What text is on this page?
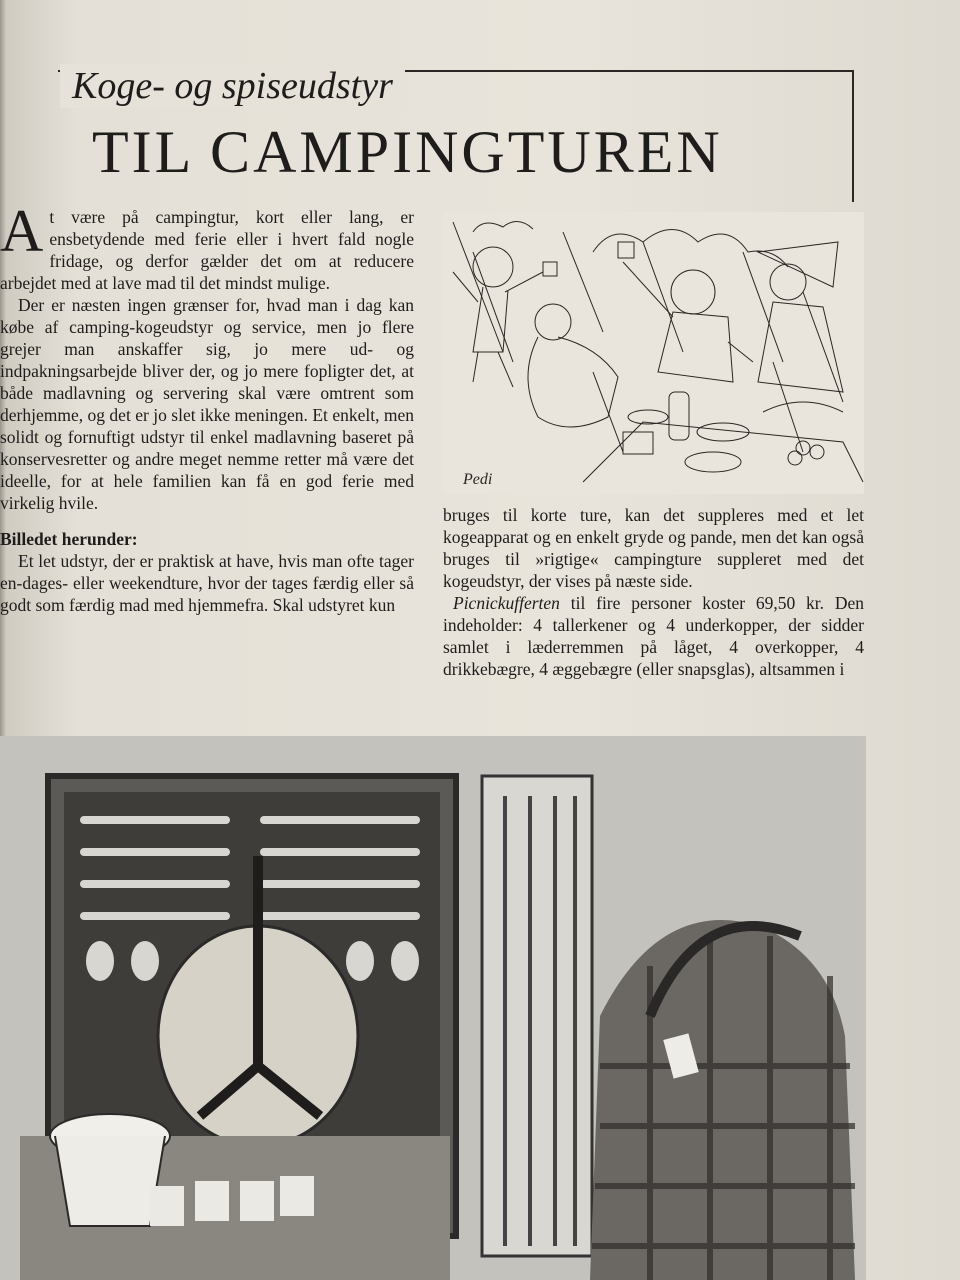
Koge- og spiseudstyr
TIL CAMPINGTUREN

At være på campingtur, kort eller lang, er ensbetydende med ferie eller i hvert fald nogle fridage, og derfor gælder det om at reducere arbejdet med at lave mad til det mindst mulige.

Der er næsten ingen grænser for, hvad man i dag kan købe af camping-kogeudstyr og service, men jo flere grejer man anskaffer sig, jo mere ud- og indpakningsarbejde bliver der, og jo mere fopligter det, at både madlavning og servering skal være omtrent som derhjemme, og det er jo slet ikke meningen. Et enkelt, men solidt og fornuftigt udstyr til enkel madlavning baseret på konservesretter og andre meget nemme retter må være det ideelle, for at hele familien kan få en god ferie med virkelig hvile.

Billedet herunder:

Et let udstyr, der er praktisk at have, hvis man ofte tager en-dages- eller weekendture, hvor der tages færdig eller så godt som færdig mad med hjemmefra. Skal udstyret kun

Pedi

bruges til korte ture, kan det suppleres med et let kogeapparat og en enkelt gryde og pande, men det kan også bruges til »rigtige« campingture suppleret med det kogeudstyr, der vises på næste side.

Picnickufferten til fire personer koster 69,50 kr. Den indeholder: 4 tallerkener og 4 underkopper, der sidder samlet i læderremmen på låget, 4 overkopper, 4 drikkebægre, 4 æggebægre (eller snapsglas), altsammen i
